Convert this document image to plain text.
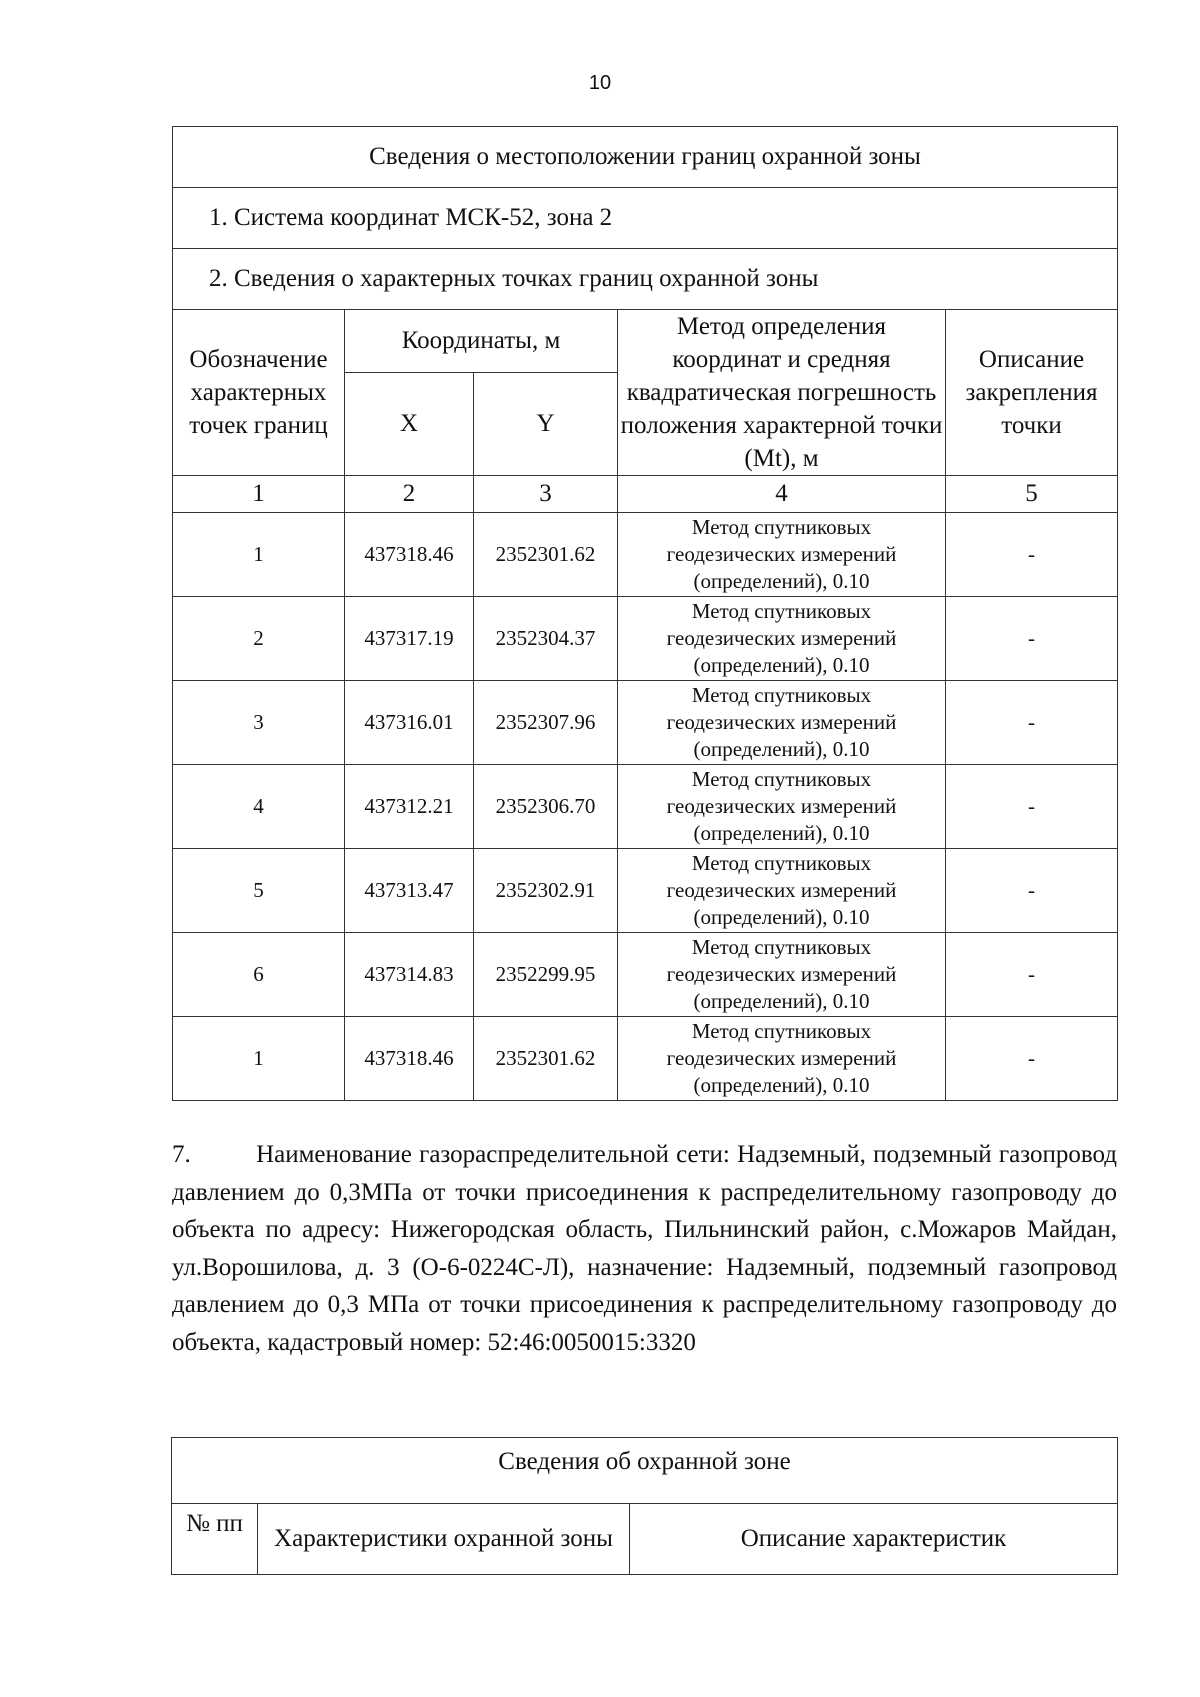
10
Сведения о местоположении границ охранной зоны				
1. Система координат МСК-52, зона 2				
2. Сведения о характерных точках границ охранной зоны				
Обозначение характерных точек границ	Координаты, м		Метод определения координат и средняя квадратическая погрешность положения характерной точки (Mt), м	Описание закрепления точки
	X	Y		
1	2	3	4	5
1	437318.46	2352301.62	Метод спутниковых
геодезических измерений
(определений), 0.10	-
2	437317.19	2352304.37	Метод спутниковых
геодезических измерений
(определений), 0.10	-
3	437316.01	2352307.96	Метод спутниковых
геодезических измерений
(определений), 0.10	-
4	437312.21	2352306.70	Метод спутниковых
геодезических измерений
(определений), 0.10	-
5	437313.47	2352302.91	Метод спутниковых
геодезических измерений
(определений), 0.10	-
6	437314.83	2352299.95	Метод спутниковых
геодезических измерений
(определений), 0.10	-
1	437318.46	2352301.62	Метод спутниковых
геодезических измерений
(определений), 0.10	-

7.         Наименование газораспределительной сети: Надземный, подземный газопровод давлением до 0,3МПа от точки присоединения к распределительному газопроводу до объекта по адресу: Нижегородская область, Пильнинский район, с.Можаров Майдан, ул.Ворошилова, д. 3 (О-6-0224С-Л), назначение: Надземный, подземный газопровод давлением до 0,3 МПа от точки присоединения к распределительному газопроводу до объекта, кадастровый номер: 52:46:0050015:3320

Сведения об охранной зоне
№ пп	Характеристики охранной зоны	Описание характеристик
